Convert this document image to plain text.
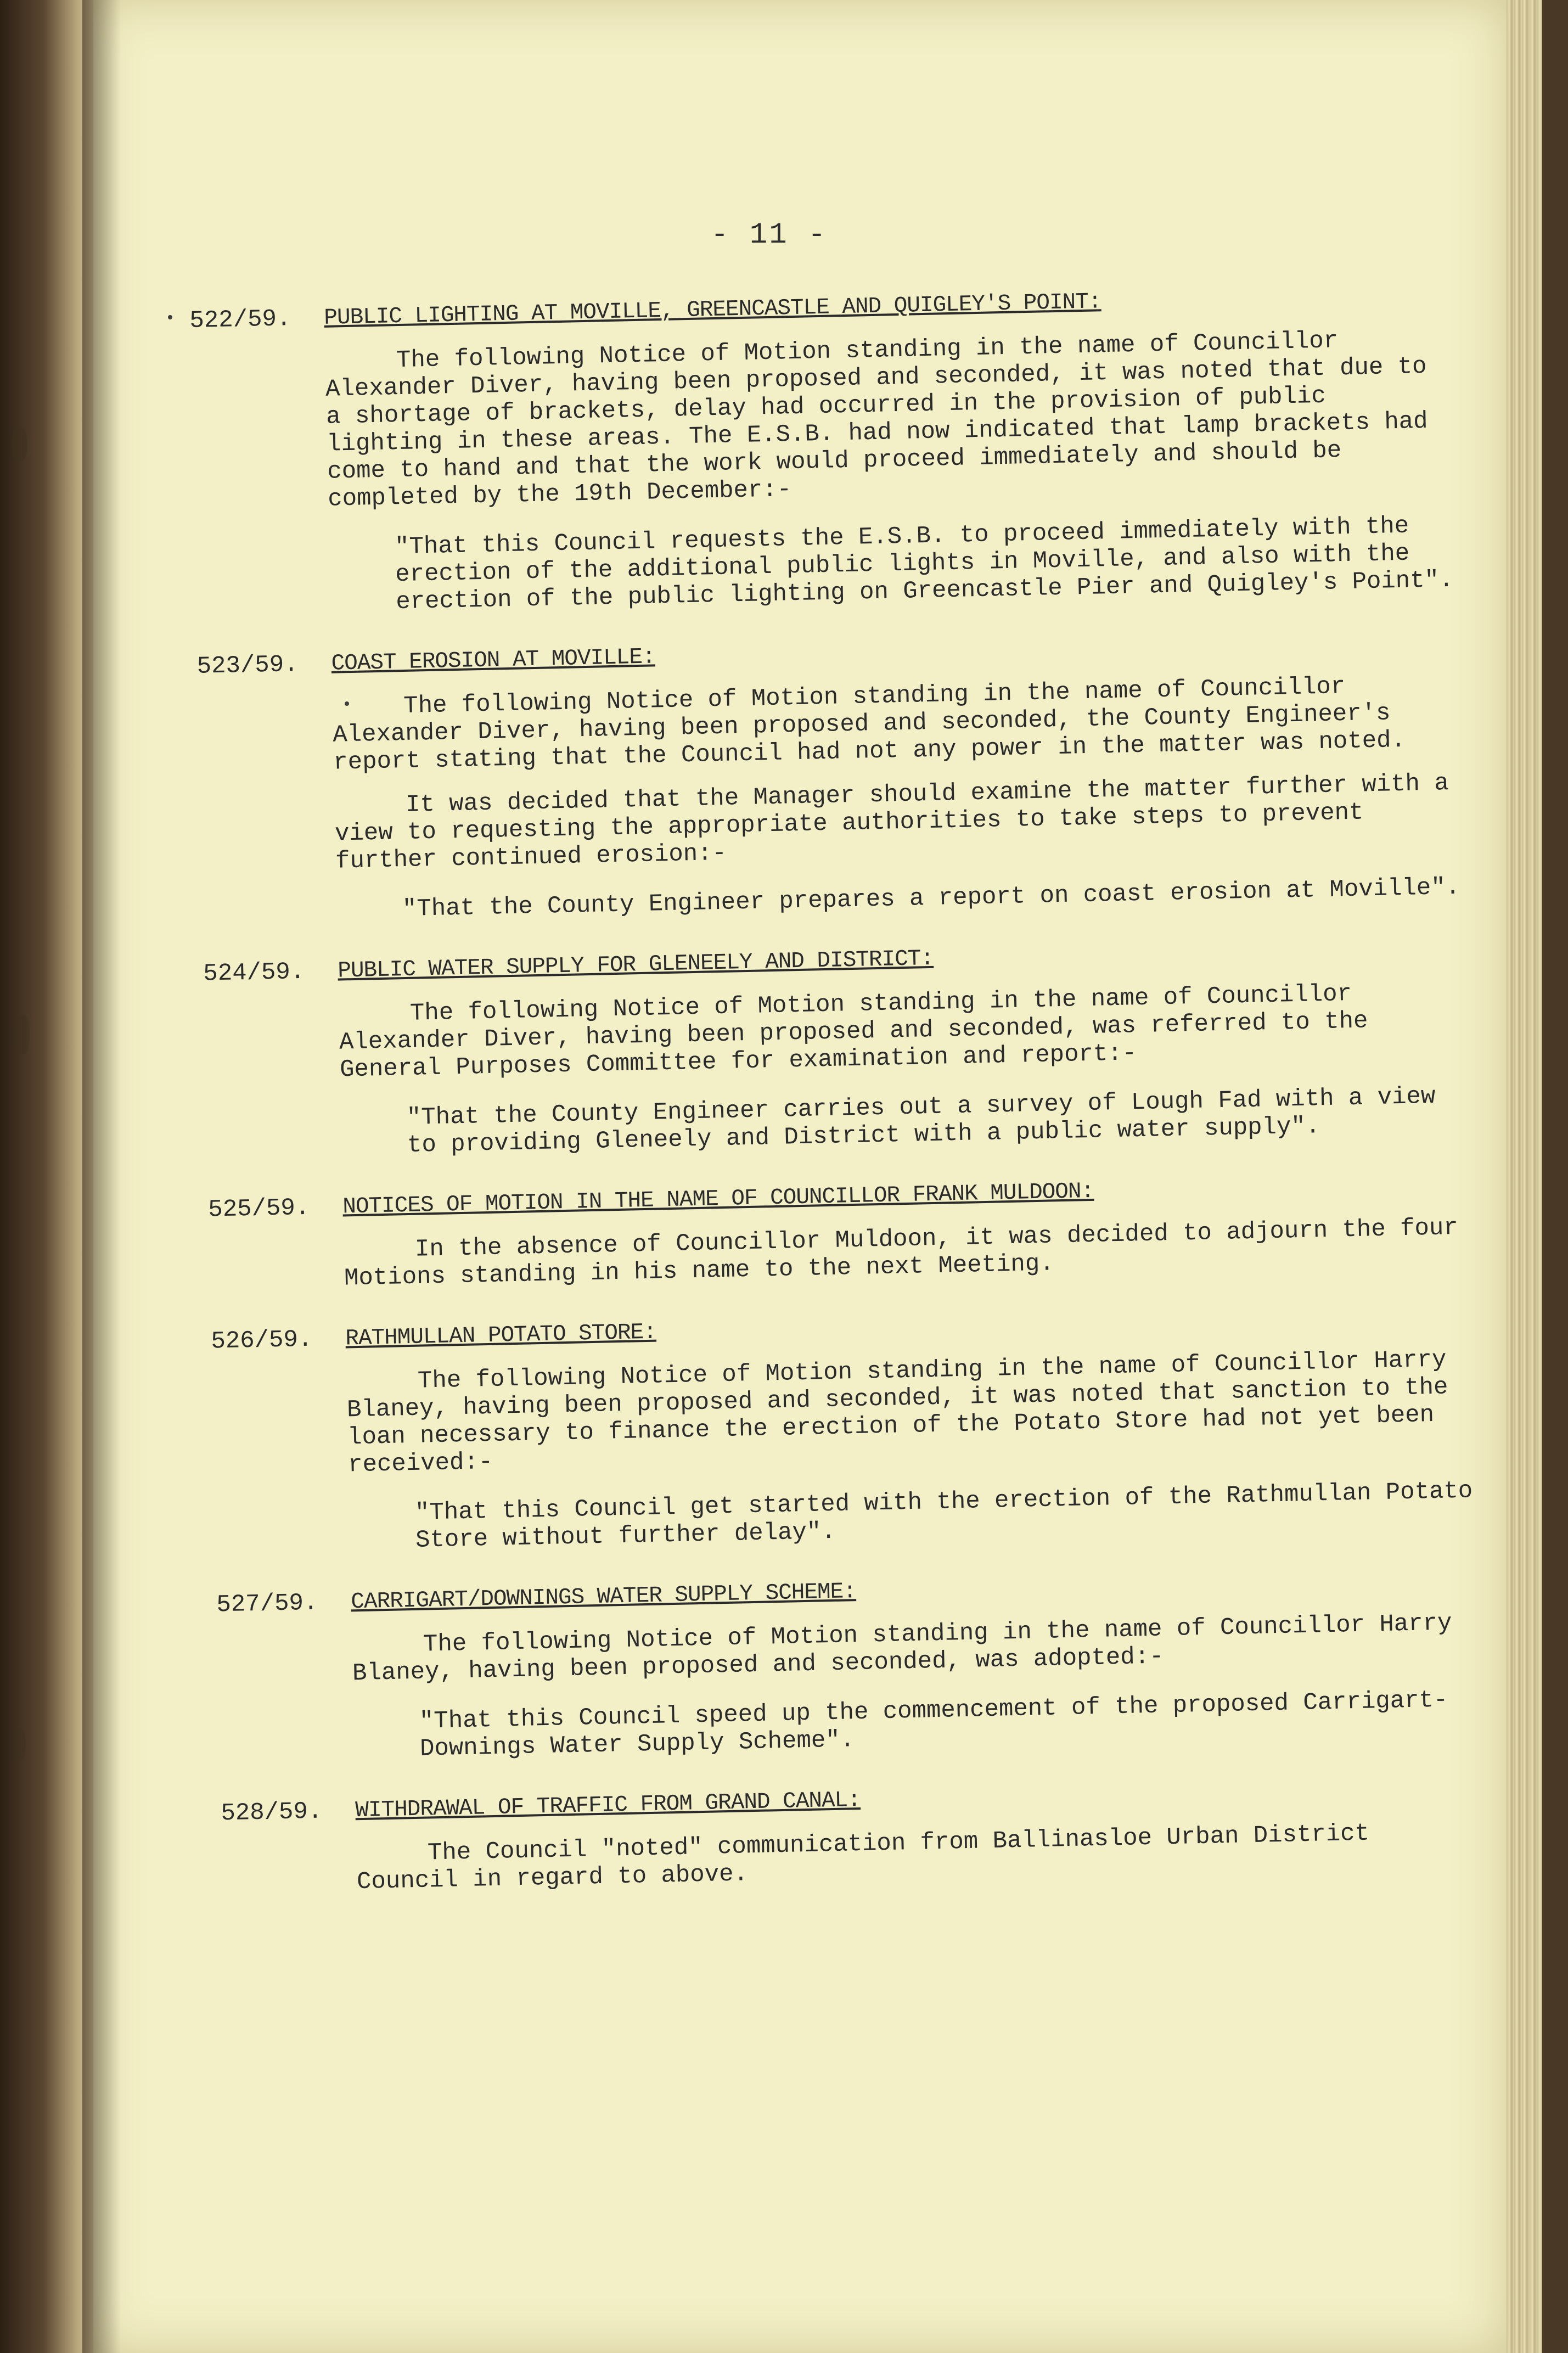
- 11 -
522/59. PUBLIC LIGHTING AT MOVILLE, GREENCASTLE AND QUIGLEY'S POINT:

The following Notice of Motion standing in the name of Councillor Alexander Diver, having been proposed and seconded, it was noted that due to a shortage of brackets, delay had occurred in the provision of public lighting in these areas. The E.S.B. had now indicated that lamp brackets had come to hand and that the work would proceed immediately and should be completed by the 19th December:-

"That this Council requests the E.S.B. to proceed immediately with the erection of the additional public lights in Moville, and also with the erection of the public lighting on Greencastle Pier and Quigley's Point".

523/59. COAST EROSION AT MOVILLE:

The following Notice of Motion standing in the name of Councillor Alexander Diver, having been proposed and seconded, the County Engineer's report stating that the Council had not any power in the matter was noted.

It was decided that the Manager should examine the matter further with a view to requesting the appropriate authorities to take steps to prevent further continued erosion:-

"That the County Engineer prepares a report on coast erosion at Moville".

524/59. PUBLIC WATER SUPPLY FOR GLENEELY AND DISTRICT:

The following Notice of Motion standing in the name of Councillor Alexander Diver, having been proposed and seconded, was referred to the General Purposes Committee for examination and report:-

"That the County Engineer carries out a survey of Lough Fad with a view to providing Gleneely and District with a public water supply".

525/59. NOTICES OF MOTION IN THE NAME OF COUNCILLOR FRANK MULDOON:

In the absence of Councillor Muldoon, it was decided to adjourn the four Motions standing in his name to the next Meeting.

526/59. RATHMULLAN POTATO STORE:

The following Notice of Motion standing in the name of Councillor Harry Blaney, having been proposed and seconded, it was noted that sanction to the loan necessary to finance the erection of the Potato Store had not yet been received:-

"That this Council get started with the erection of the Rathmullan Potato Store without further delay".

527/59. CARRIGART/DOWNINGS WATER SUPPLY SCHEME:

The following Notice of Motion standing in the name of Councillor Harry Blaney, having been proposed and seconded, was adopted:-

"That this Council speed up the commencement of the proposed Carrigart-Downings Water Supply Scheme".

528/59. WITHDRAWAL OF TRAFFIC FROM GRAND CANAL:

The Council "noted" communication from Ballinasloe Urban District Council in regard to above.
